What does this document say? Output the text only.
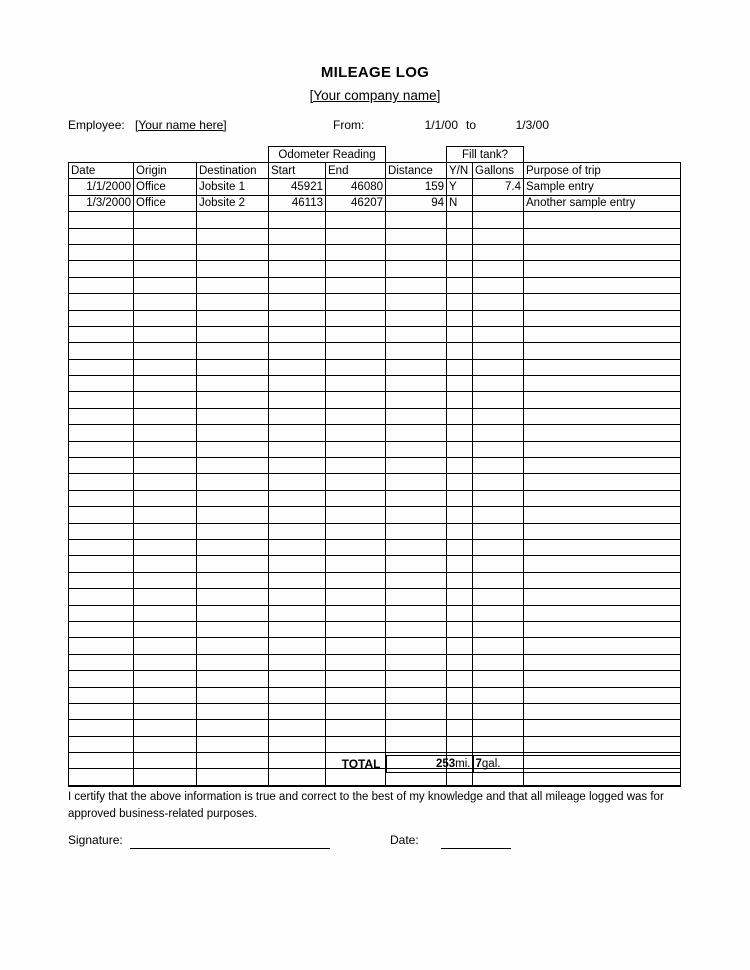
MILEAGE LOG
[Your company name]
Employee: [Your name here]	From:	1/1/00 to	1/3/00
			Odometer Reading			Fill tank?		
Date	Origin	Destination	Start	End	Distance	Y/N	Gallons	Purpose of trip
1/1/2000	Office	Jobsite 1	45921	46080	159	Y	7.4	Sample entry
1/3/2000	Office	Jobsite 2	46113	46207	94	N		Another sample entry

				TOTAL	253mi.	7gal.
I certify that the above information is true and correct to the best of my knowledge and that all mileage logged was for approved business-related purposes.
Signature:	Date:
